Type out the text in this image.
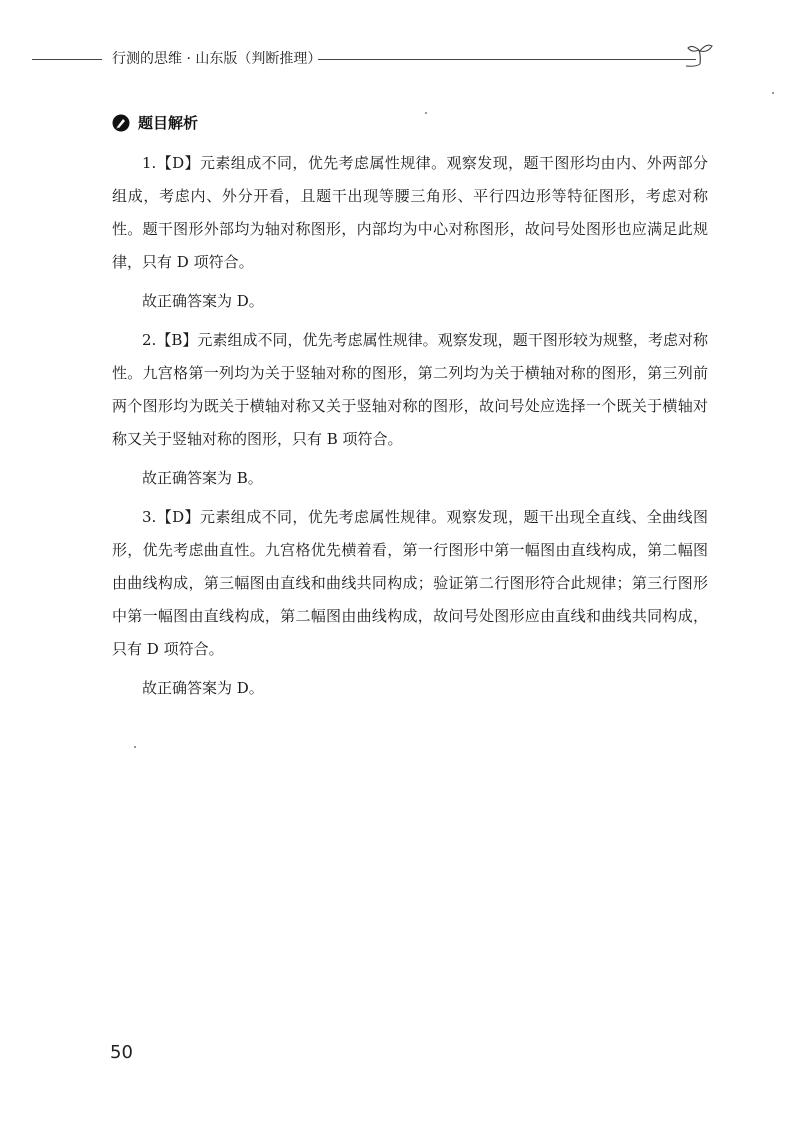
行测的思维 · 山东版（判断推理）
题目解析

1.【D】元素组成不同，优先考虑属性规律。观察发现，题干图形均由内、外两部分组成，考虑内、外分开看，且题干出现等腰三角形、平行四边形等特征图形，考虑对称性。题干图形外部均为轴对称图形，内部均为中心对称图形，故问号处图形也应满足此规律，只有 D 项符合。

故正确答案为 D。

2.【B】元素组成不同，优先考虑属性规律。观察发现，题干图形较为规整，考虑对称性。九宫格第一列均为关于竖轴对称的图形，第二列均为关于横轴对称的图形，第三列前两个图形均为既关于横轴对称又关于竖轴对称的图形，故问号处应选择一个既关于横轴对称又关于竖轴对称的图形，只有 B 项符合。

故正确答案为 B。

3.【D】元素组成不同，优先考虑属性规律。观察发现，题干出现全直线、全曲线图形，优先考虑曲直性。九宫格优先横着看，第一行图形中第一幅图由直线构成，第二幅图由曲线构成，第三幅图由直线和曲线共同构成；验证第二行图形符合此规律；第三行图形中第一幅图由直线构成，第二幅图由曲线构成，故问号处图形应由直线和曲线共同构成，只有 D 项符合。

故正确答案为 D。

50
